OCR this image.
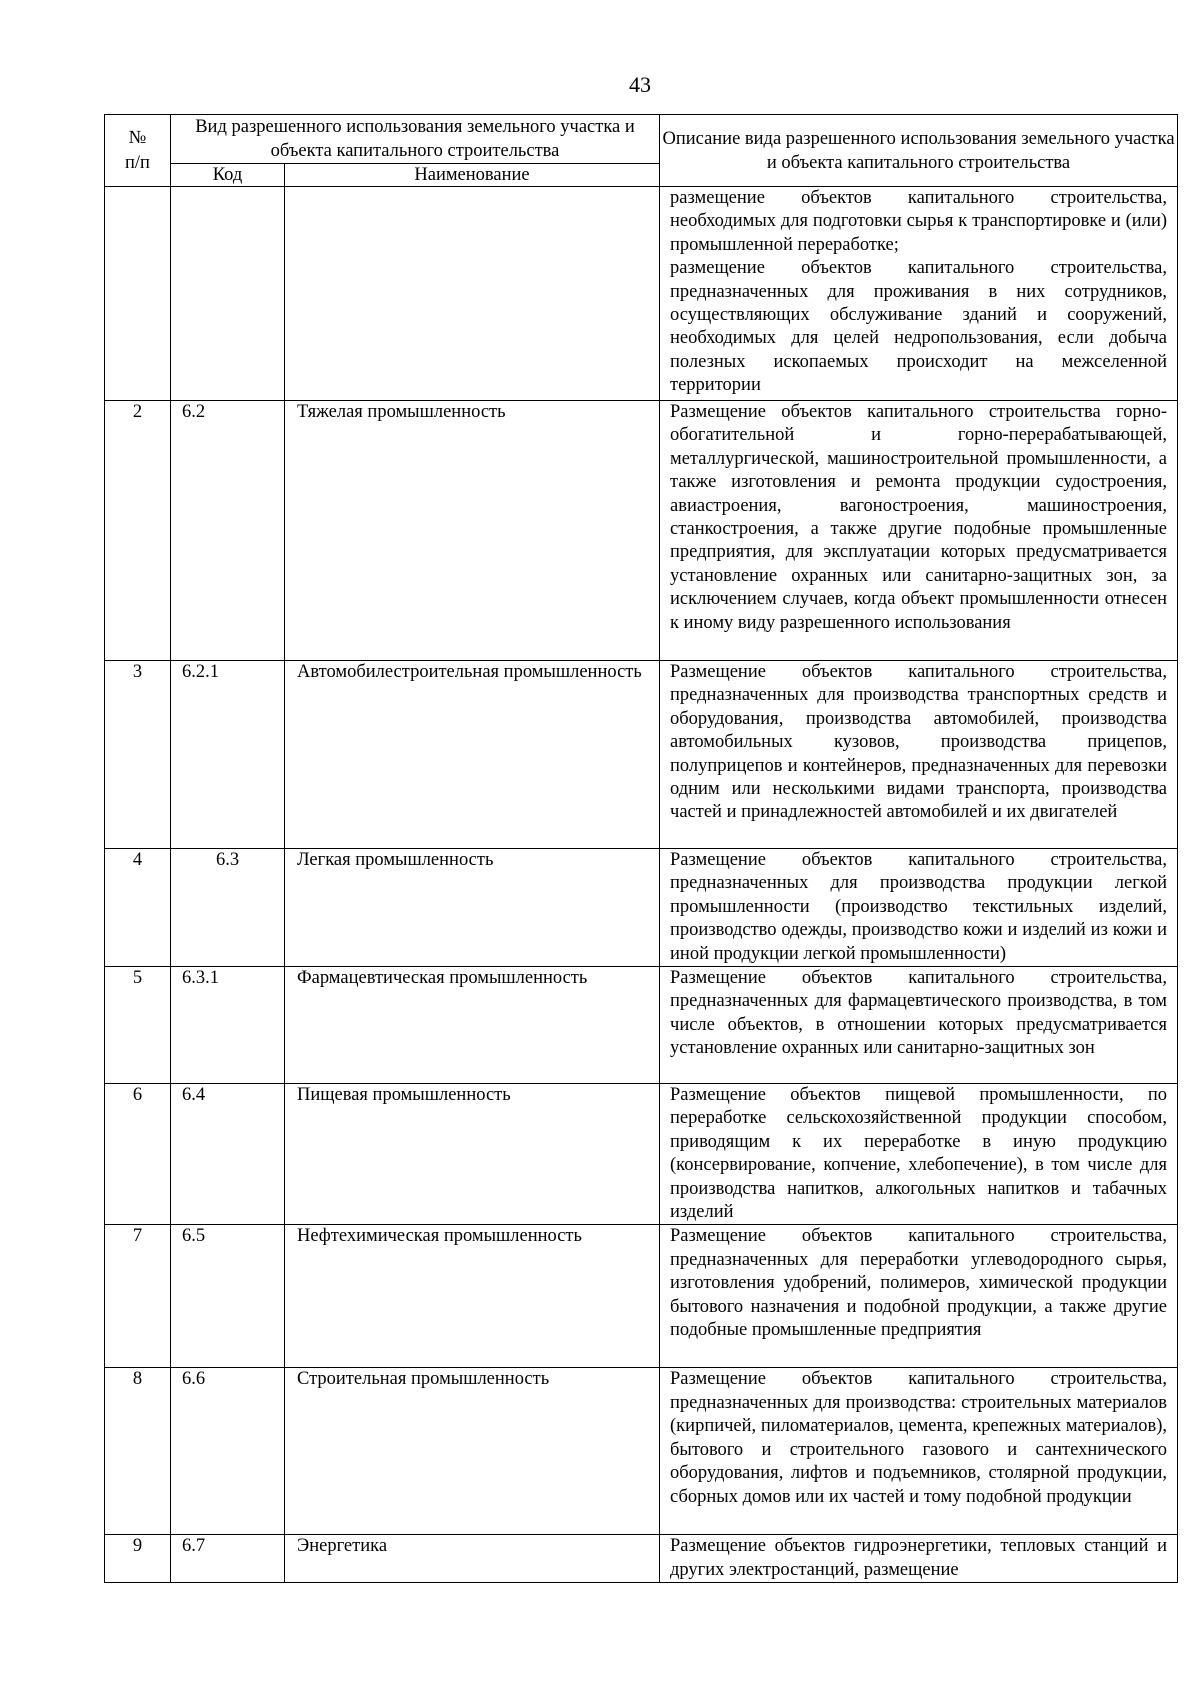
43
№
п/п	Вид разрешенного использования земельного участка и объекта капитального строительства		Описание вида разрешенного использования земельного участка и объекта капитального строительства
	Код	Наименование	

			размещение объектов капитального строительства, необходимых для подготовки сырья к транспортировке и (или) промышленной переработке;

размещение объектов капитального строительства, предназначенных для проживания в них сотрудников, осуществляющих обслуживание зданий и сооружений, необходимых для целей недропользования, если добыча полезных ископаемых происходит на межселенной территории

2	6.2	Тяжелая промышленность	Размещение объектов капитального строительства горно-обогатительной и горно-перерабатывающей, металлургической, машиностроительной промышленности, а также изготовления и ремонта продукции судостроения, авиастроения, вагоностроения, машиностроения, станкостроения, а также другие подобные промышленные предприятия, для эксплуатации которых предусматривается установление охранных или санитарно-защитных зон, за исключением случаев, когда объект промышленности отнесен к иному виду разрешенного использования

3	6.2.1	Автомобилестроительная промышленность	Размещение объектов капитального строительства, предназначенных для производства транспортных средств и оборудования, производства автомобилей, производства автомобильных кузовов, производства прицепов, полуприцепов и контейнеров, предназначенных для перевозки одним или несколькими видами транспорта, производства частей и принадлежностей автомобилей и их двигателей

4	6.3	Легкая промышленность	Размещение объектов капитального строительства, предназначенных для производства продукции легкой промышленности (производство текстильных изделий, производство одежды, производство кожи и изделий из кожи и иной продукции легкой промышленности)

5	6.3.1	Фармацевтическая промышленность	Размещение объектов капитального строительства, предназначенных для фармацевтического производства, в том числе объектов, в отношении которых предусматривается установление охранных или санитарно-защитных зон

6	6.4	Пищевая промышленность	Размещение объектов пищевой промышленности, по переработке сельскохозяйственной продукции способом, приводящим к их переработке в иную продукцию (консервирование, копчение, хлебопечение), в том числе для производства напитков, алкогольных напитков и табачных изделий

7	6.5	Нефтехимическая промышленность	Размещение объектов капитального строительства, предназначенных для переработки углеводородного сырья, изготовления удобрений, полимеров, химической продукции бытового назначения и подобной продукции, а также другие подобные промышленные предприятия

8	6.6	Строительная промышленность	Размещение объектов капитального строительства, предназначенных для производства: строительных материалов (кирпичей, пиломатериалов, цемента, крепежных материалов), бытового и строительного газового и сантехнического оборудования, лифтов и подъемников, столярной продукции, сборных домов или их частей и тому подобной продукции

9	6.7	Энергетика	Размещение объектов гидроэнергетики, тепловых станций и других электростанций, размещение
